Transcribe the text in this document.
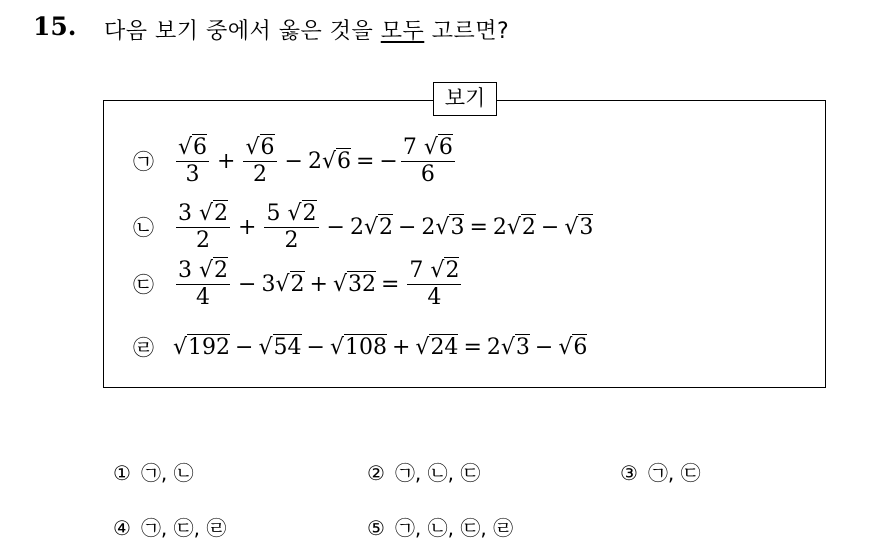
15. 다음 보기 중에서 옳은 것을 모두 고르면?
보기
㉠	$\frac{√6}{3} + \frac{√6}{2} - 2$ √6 = − $\frac{7 √6}{6}$
㉡	$\frac{3 √2}{2} + \frac{5 √2}{2} - 2$ √2 − 2 √3 = 2 √2 − √3
㉢	$\frac{3 √2}{4} - 3$ $√2 + √32 = \frac{7 √2}{4}$
㉣ √192 − √54 − √108 + √24 = 2 √3 − √6
① ㉠, ㉡	② ㉠, ㉡, ㉢	③ ㉠, ㉢
④ ㉠, ㉢, ㉣	⑤ ㉠, ㉡, ㉢, ㉣
